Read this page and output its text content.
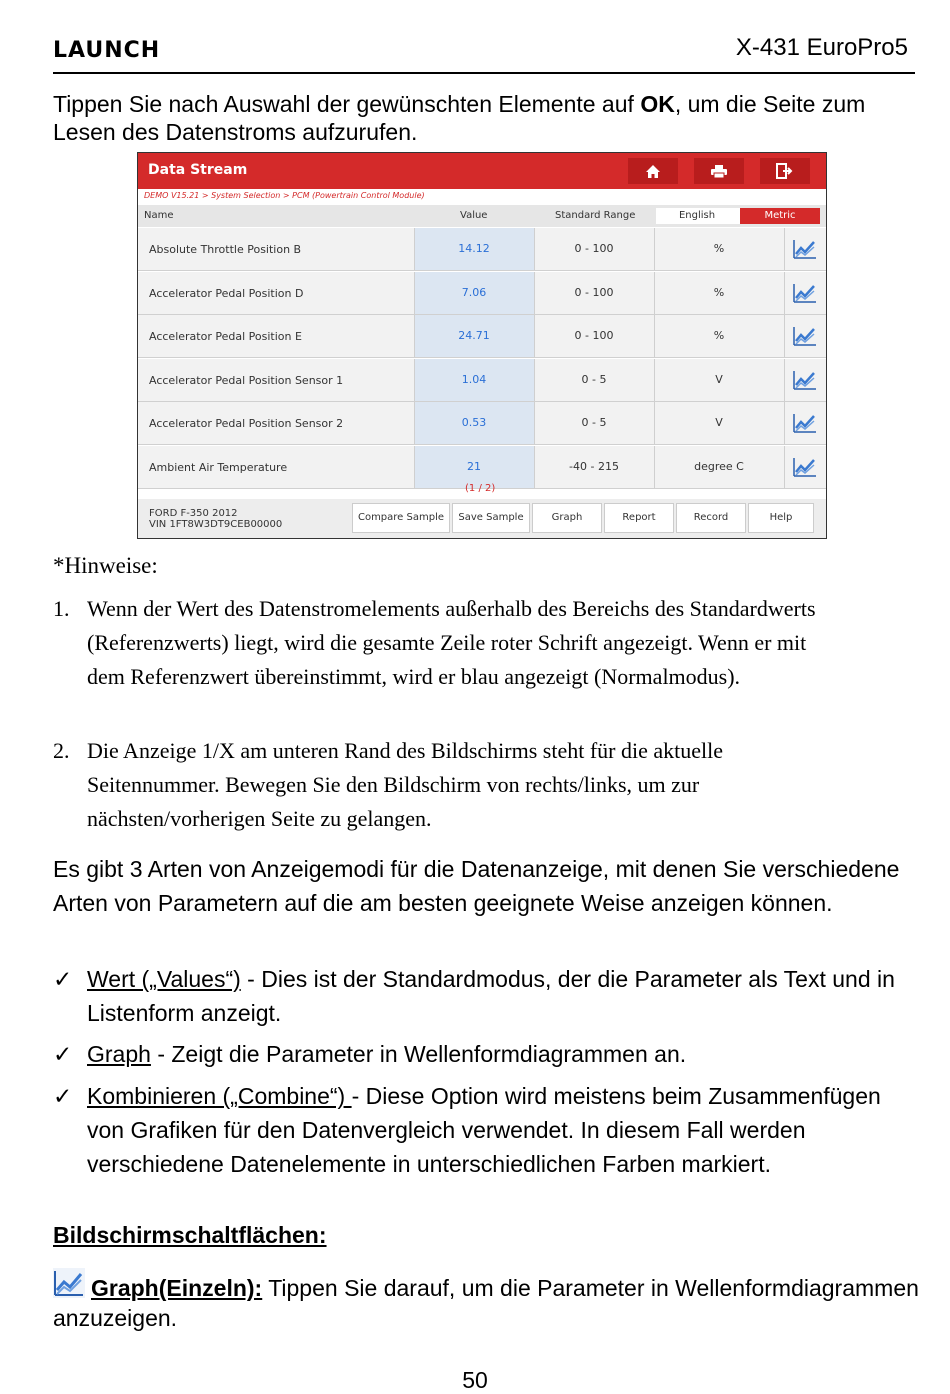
LAUNCH	X-431 EuroPro5
Tippen Sie nach Auswahl der gewünschten Elemente auf OK, um die Seite zum Lesen des Datenstroms aufzurufen.
Data Stream
DEMO V15.21 > System Selection > PCM (Powertrain Control Module)
Name	Value	Standard Range	English	Metric
Absolute Throttle Position B	14.12	0 - 100	%
Accelerator Pedal Position D	7.06	0 - 100	%
Accelerator Pedal Position E	24.71	0 - 100	%
Accelerator Pedal Position Sensor 1	1.04	0 - 5	V
Accelerator Pedal Position Sensor 2	0.53	0 - 5	V
Ambient Air Temperature	21	-40 - 215	degree C
(1 / 2)
FORD F-350 2012
VIN 1FT8W3DT9CEB00000
Compare Sample	Save Sample	Graph	Report	Record	Help
*Hinweise:
1. Wenn der Wert des Datenstromelements außerhalb des Bereichs des Standardwerts (Referenzwerts) liegt, wird die gesamte Zeile roter Schrift angezeigt. Wenn er mit dem Referenzwert übereinstimmt, wird er blau angezeigt (Normalmodus).
2. Die Anzeige 1/X am unteren Rand des Bildschirms steht für die aktuelle Seitennummer. Bewegen Sie den Bildschirm von rechts/links, um zur nächsten/vorherigen Seite zu gelangen.
Es gibt 3 Arten von Anzeigemodi für die Datenanzeige, mit denen Sie verschiedene Arten von Parametern auf die am besten geeignete Weise anzeigen können.
✓ Wert („Values“) - Dies ist der Standardmodus, der die Parameter als Text und in Listenform anzeigt.
✓ Graph - Zeigt die Parameter in Wellenformdiagrammen an.
✓ Kombinieren („Combine“) - Diese Option wird meistens beim Zusammenfügen von Grafiken für den Datenvergleich verwendet. In diesem Fall werden verschiedene Datenelemente in unterschiedlichen Farben markiert.
Bildschirmschaltflächen:
Graph(Einzeln): Tippen Sie darauf, um die Parameter in Wellenformdiagrammen anzuzeigen.
50
